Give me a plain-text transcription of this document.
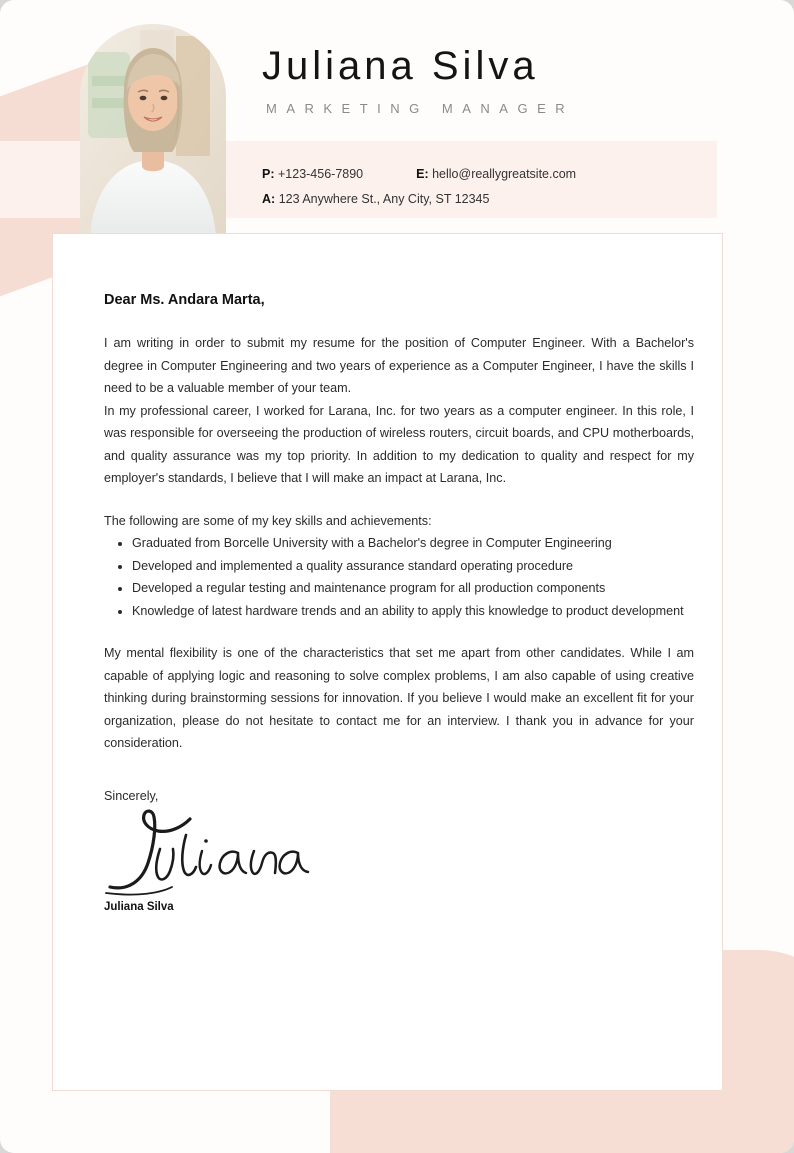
Juliana Silva
MARKETING MANAGER
P: +123-456-7890	E: hello@reallygreatsite.com
A: 123 Anywhere St., Any City, ST 12345

Dear Ms. Andara Marta,

I am writing in order to submit my resume for the position of Computer Engineer. With a Bachelor's degree in Computer Engineering and two years of experience as a Computer Engineer, I have the skills I need to be a valuable member of your team.

In my professional career, I worked for Larana, Inc. for two years as a computer engineer. In this role, I was responsible for overseeing the production of wireless routers, circuit boards, and CPU motherboards, and quality assurance was my top priority. In addition to my dedication to quality and respect for my employer's standards, I believe that I will make an impact at Larana, Inc.

The following are some of my key skills and achievements:

• Graduated from Borcelle University with a Bachelor's degree in Computer Engineering
• Developed and implemented a quality assurance standard operating procedure
• Developed a regular testing and maintenance program for all production components
• Knowledge of latest hardware trends and an ability to apply this knowledge to product development

My mental flexibility is one of the characteristics that set me apart from other candidates. While I am capable of applying logic and reasoning to solve complex problems, I am also capable of using creative thinking during brainstorming sessions for innovation. If you believe I would make an excellent fit for your organization, please do not hesitate to contact me for an interview. I thank you in advance for your consideration.

Sincerely,

Juliana Silva
